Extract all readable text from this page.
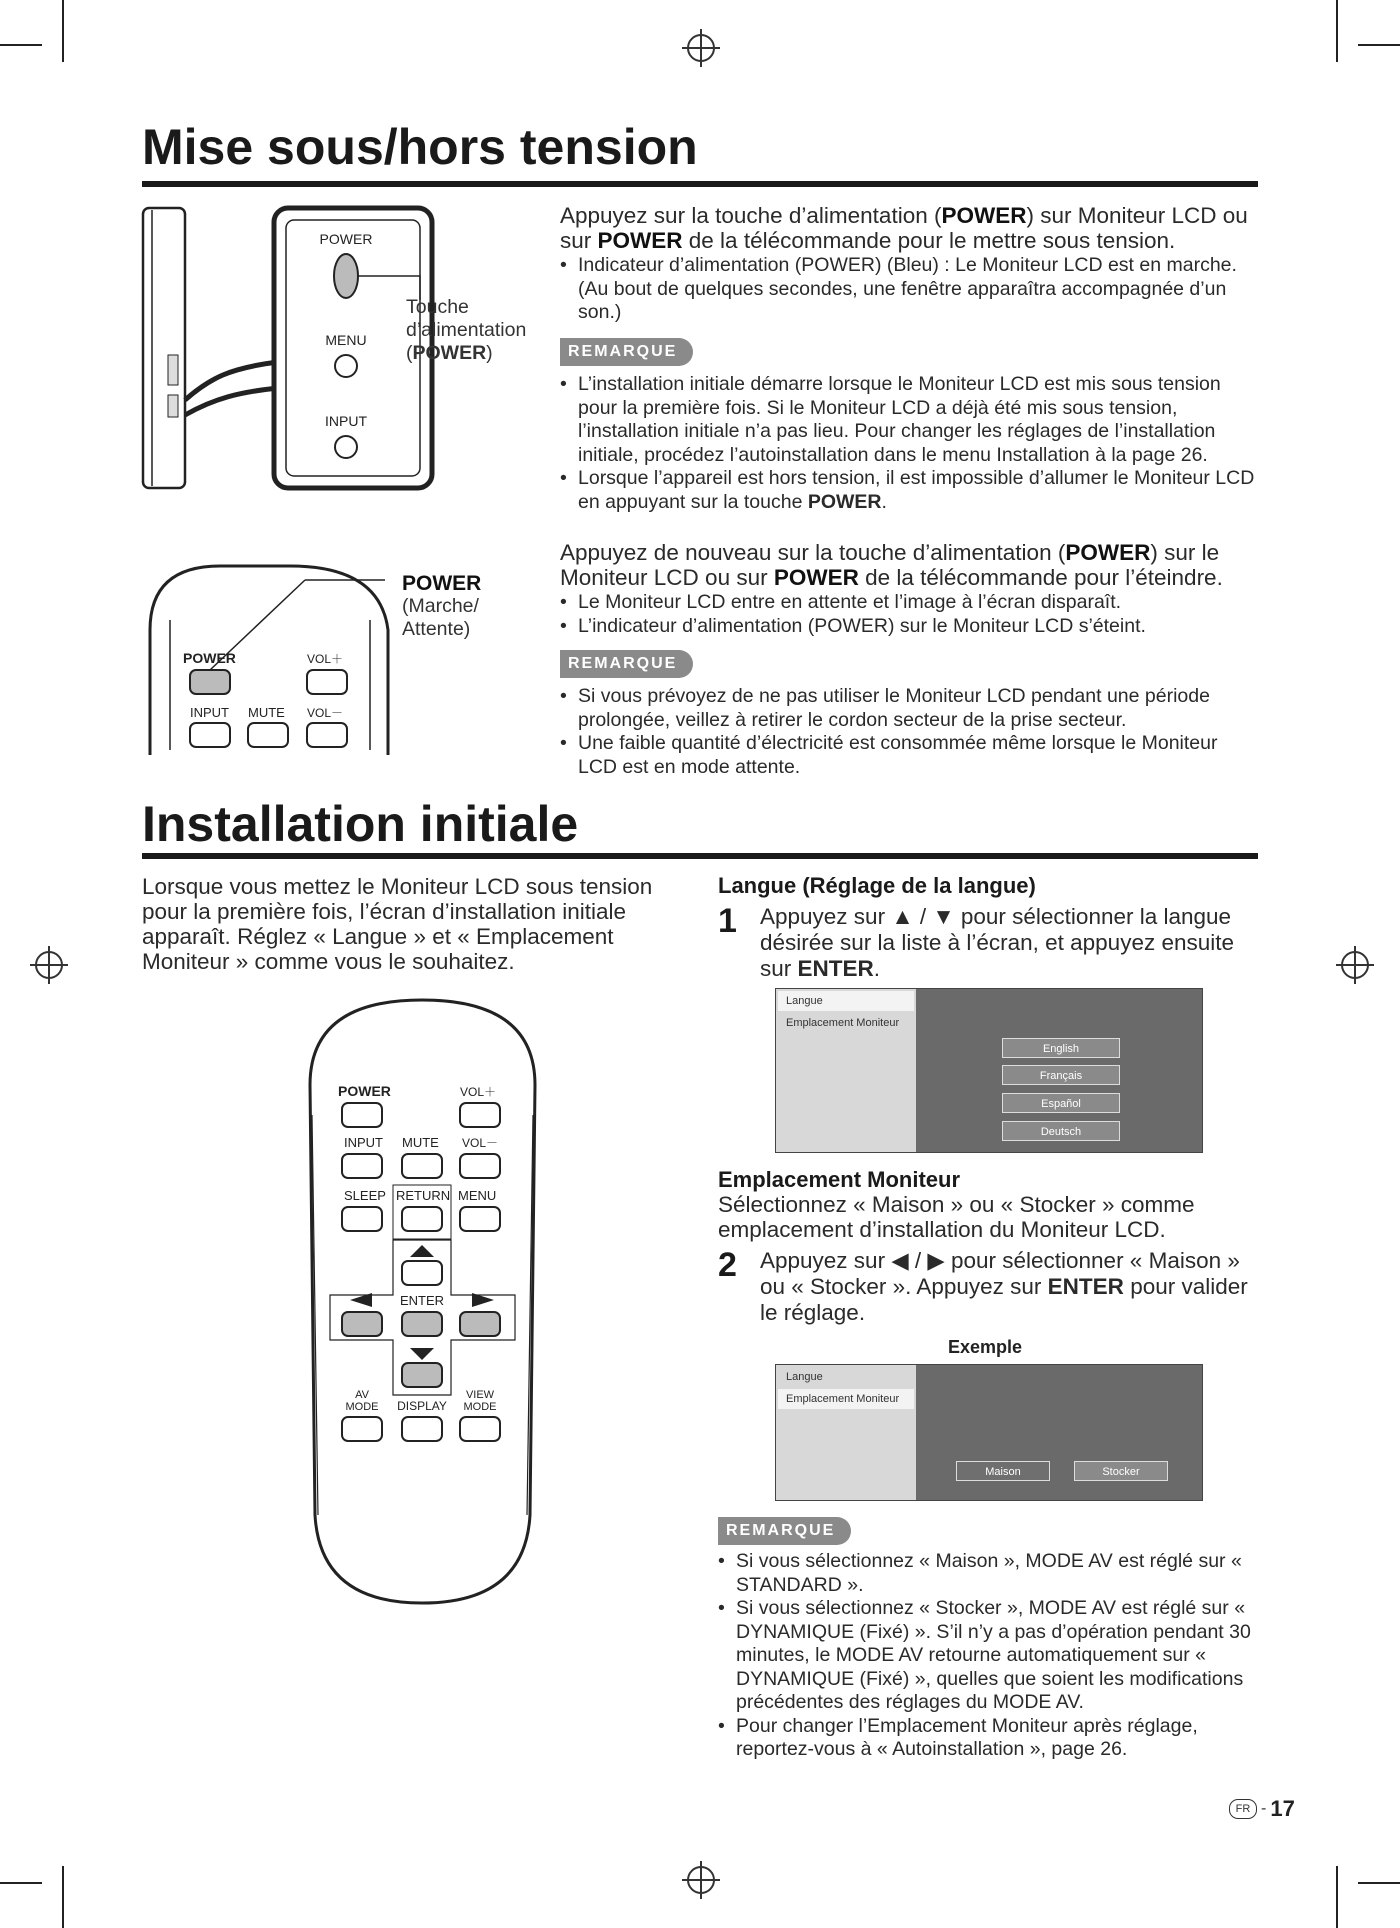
Mise sous/hors tension
POWER
MENU
INPUT
Touche
d’alimentation
(POWER)
POWER	VOL＋
INPUT MUTE VOL－
POWER
(Marche/
Attente)

Appuyez sur la touche d’alimentation (POWER) sur Moniteur LCD ou sur POWER de la télécommande pour le mettre sous tension.

• Indicateur d’alimentation (POWER) (Bleu) : Le Moniteur LCD est en marche. (Au bout de quelques secondes, une fenêtre apparaîtra accompagnée d’un son.)
REMARQUE
• L’installation initiale démarre lorsque le Moniteur LCD est mis sous tension pour la première fois. Si le Moniteur LCD a déjà été mis sous tension, l’installation initiale n’a pas lieu. Pour changer les réglages de l’installation initiale, procédez l’autoinstallation dans le menu Installation à la page 26.
• Lorsque l’appareil est hors tension, il est impossible d’allumer le Moniteur LCD en appuyant sur la touche POWER.

Appuyez de nouveau sur la touche d’alimentation (POWER) sur le Moniteur LCD ou sur POWER de la télécommande pour l’éteindre.

• Le Moniteur LCD entre en attente et l’image à l’écran disparaît.
• L’indicateur d’alimentation (POWER) sur le Moniteur LCD s’éteint.
REMARQUE
• Si vous prévoyez de ne pas utiliser le Moniteur LCD pendant une période prolongée, veillez à retirer le cordon secteur de la prise secteur.
• Une faible quantité d’électricité est consommée même lorsque le Moniteur LCD est en mode attente.
Installation initiale

Lorsque vous mettez le Moniteur LCD sous tension pour la première fois, l’écran d’installation initiale apparaît. Réglez « Langue » et « Emplacement Moniteur » comme vous le souhaitez.

POWER	VOL＋
INPUT MUTE VOL－
SLEEP RETURN MENU
ENTER
AV
MODE DISPLAY
VIEW
MODE
Langue (Réglage de la langue)
1 Appuyez sur ▲ / ▼ pour sélectionner la langue désirée sur la liste à l’écran, et appuyez ensuite sur ENTER.

Langue
Emplacement Moniteur
English
Français
Español
Deutsch
Emplacement Moniteur

Sélectionnez « Maison » ou « Stocker » comme emplacement d’installation du Moniteur LCD.

2 Appuyez sur ◀ / ▶ pour sélectionner « Maison » ou « Stocker ». Appuyez sur ENTER pour valider le réglage.

Exemple
Langue
Emplacement Moniteur
Maison	Stocker
REMARQUE
• Si vous sélectionnez « Maison », MODE AV est réglé sur « STANDARD ».
• Si vous sélectionnez « Stocker », MODE AV est réglé sur « DYNAMIQUE (Fixé) ». S’il n’y a pas d’opération pendant 30 minutes, le MODE AV retourne automatiquement sur « DYNAMIQUE (Fixé) », quelles que soient les modifications précédentes des réglages du MODE AV.
• Pour changer l’Emplacement Moniteur après réglage, reportez-vous à « Autoinstallation », page 26.
FR - 17
